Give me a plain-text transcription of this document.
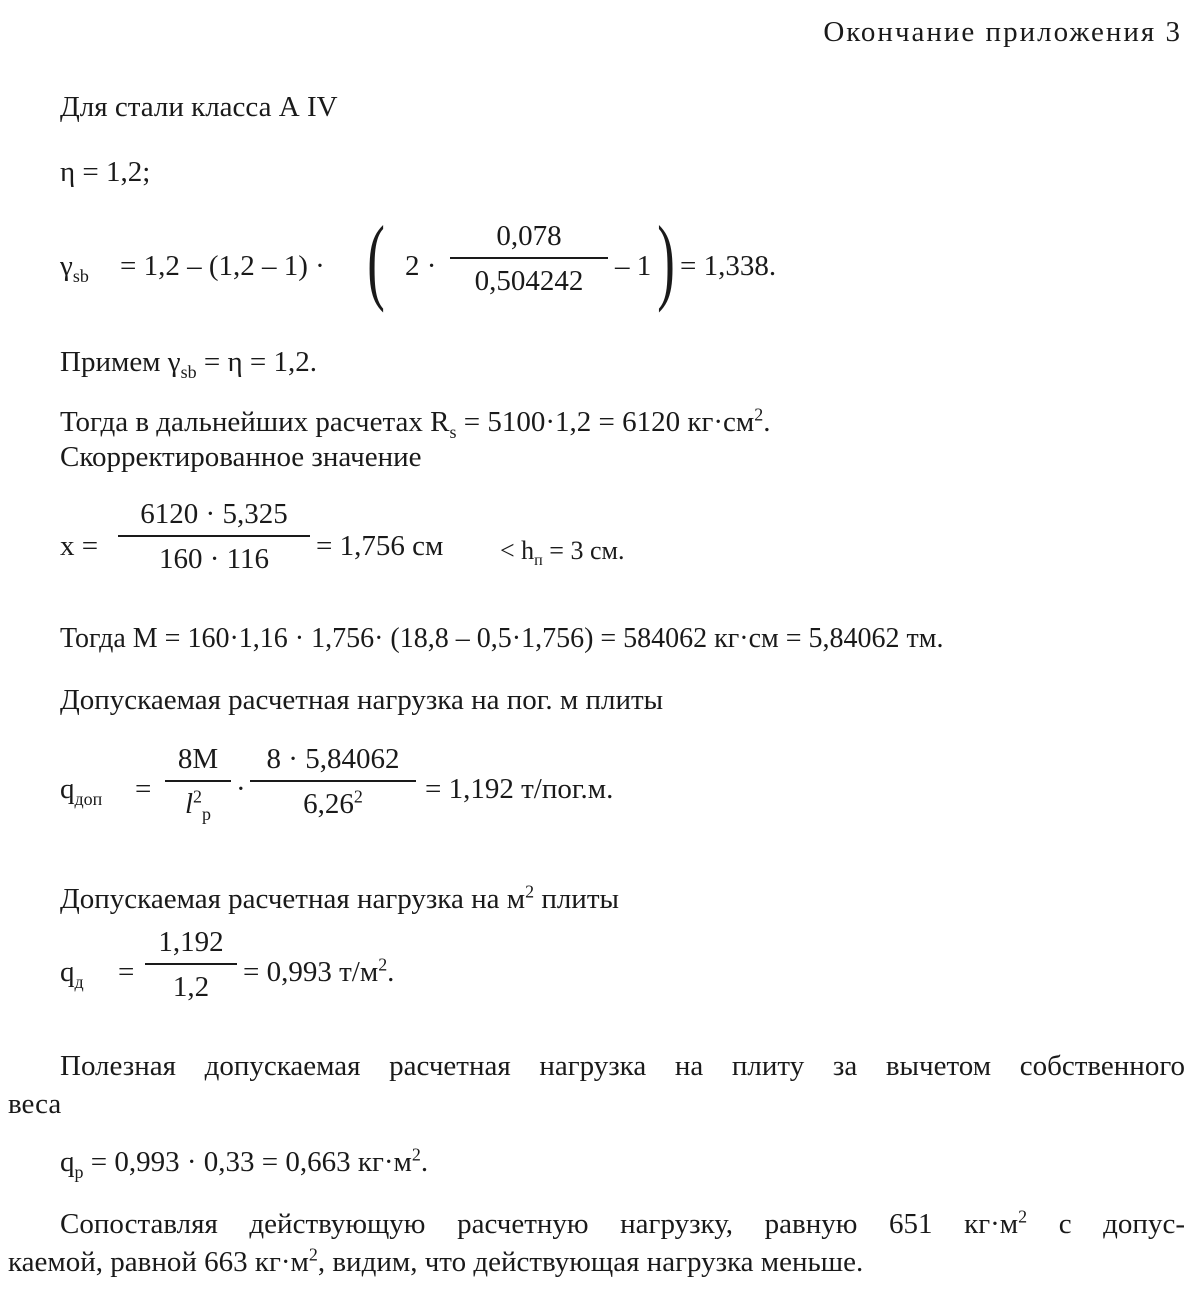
Окончание приложения 3
Для стали класса А IV
η = 1,2;
$\gamma_{sb} = 1,2 - (1,2 - 1)$ · ( 2 ·
0,078
0,504242	– 1 ) = 1,338.
Примем $\gamma_{sb} = \eta = 1,2$.
Тогда в дальнейших расчетах $R_s = 5100\cdot 1,2 = 6120$ $кг\cdot см^2$.
Скорректированное значение
x =
6120 · 5,325
160 · 116	= 1,756 см < $h_п = 3$ см.
Тогда M = 160·1,16 · 1,756· (18,8 – 0,5·1,756) = 584062 кг·см = 5,84062 тм.
Допускаемая расчетная нагрузка на пог. м плиты
$q_{доп}$ =
8M
$l^2_p$
·
8 · 5,84062
$6,26^2$	= 1,192 т/пог.м.
Допускаемая расчетная нагрузка на $м^2$ плиты
$q_д$ =
1,192
1,2	= 0,993 $т/м^2$.
Полезная допускаемая расчетная нагрузка на плиту за вычетом собственного
веса
$q_р = 0,993 \cdot 0,33 = 0,663$ $кг\cdot м^2$.
Сопоставляя действующую расчетную нагрузку, равную 651 $кг\cdot м^2$ с допус-
каемой, равной 663 $кг\cdot м^2$, видим, что действующая нагрузка меньше.
